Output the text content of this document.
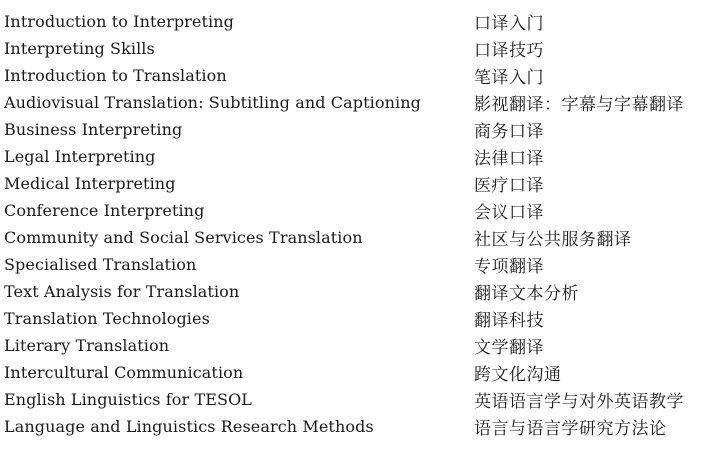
Introduction to Interpreting	口译入门
Interpreting Skills	口译技巧
Introduction to Translation	笔译入门
Audiovisual Translation: Subtitling and Captioning	影视翻译：字幕与字幕翻译
Business Interpreting	商务口译
Legal Interpreting	法律口译
Medical Interpreting	医疗口译
Conference Interpreting	会议口译
Community and Social Services Translation	社区与公共服务翻译
Specialised Translation	专项翻译
Text Analysis for Translation	翻译文本分析
Translation Technologies	翻译科技
Literary Translation	文学翻译
Intercultural Communication	跨文化沟通
English Linguistics for TESOL	英语语言学与对外英语教学
Language and Linguistics Research Methods	语言与语言学研究方法论
